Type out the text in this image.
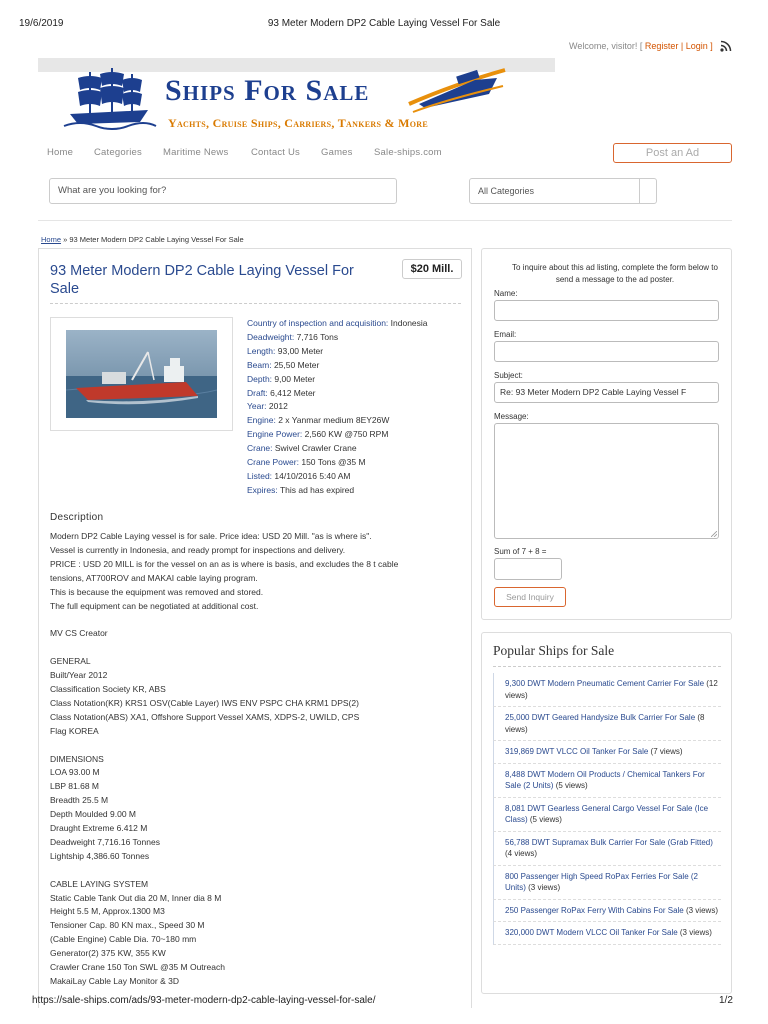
19/6/2019	93 Meter Modern DP2 Cable Laying Vessel For Sale
Welcome, visitor! [ Register | Login ]
Ships For Sale
Yachts, Cruise Ships, Carriers, Tankers & More
Home Categories Maritime News Contact Us Games Sale-ships.com	Post an Ad
What are you looking for?	All Categories
Home » 93 Meter Modern DP2 Cable Laying Vessel For Sale
93 Meter Modern DP2 Cable Laying Vessel For Sale
$20 Mill.
Country of inspection and acquisition: Indonesia
Deadweight: 7,716 Tons
Length: 93,00 Meter
Beam: 25,50 Meter
Depth: 9,00 Meter
Draft: 6,412 Meter
Year: 2012
Engine: 2 x Yanmar medium 8EY26W
Engine Power: 2,560 KW @750 RPM
Crane: Swivel Crawler Crane
Crane Power: 150 Tons @35 M
Listed: 14/10/2016 5:40 AM
Expires: This ad has expired
Description

Modern DP2 Cable Laying vessel is for sale. Price idea: USD 20 Mill. "as is where is".

Vessel is currently in Indonesia, and ready prompt for inspections and delivery.

PRICE : USD 20 MILL is for the vessel on an as is where is basis, and excludes the 8 t cable

tensions, AT700ROV and MAKAI cable laying program.

This is because the equipment was removed and stored.

The full equipment can be negotiated at additional cost.

MV CS Creator

GENERAL

Built/Year 2012

Classification Society KR, ABS

Class Notation(KR) KRS1 OSV(Cable Layer) IWS ENV PSPC CHA KRM1 DPS(2)

Class Notation(ABS) XA1, Offshore Support Vessel XAMS, XDPS-2, UWILD, CPS

Flag KOREA

DIMENSIONS

LOA 93.00 M

LBP 81.68 M

Breadth 25.5 M

Depth Moulded 9.00 M

Draught Extreme 6.412 M

Deadweight 7,716.16 Tonnes

Lightship 4,386.60 Tonnes

CABLE LAYING SYSTEM

Static Cable Tank Out dia 20 M, Inner dia 8 M

Height 5.5 M, Approx.1300 M3

Tensioner Cap. 80 KN max., Speed 30 M

(Cable Engine) Cable Dia. 70~180 mm

Generator(2) 375 KW, 355 KW

Crawler Crane 150 Ton SWL @35 M Outreach

MakaiLay Cable Lay Monitor & 3D

To inquire about this ad listing, complete the form below to send a message to the ad poster.
Name:
Email:
Subject:
Re: 93 Meter Modern DP2 Cable Laying Vessel F
Message:
Sum of 7 + 8 =
Send Inquiry
Popular Ships for Sale
9,300 DWT Modern Pneumatic Cement Carrier For Sale (12 views)
25,000 DWT Geared Handysize Bulk Carrier For Sale (8 views)
319,869 DWT VLCC Oil Tanker For Sale (7 views)
8,488 DWT Modern Oil Products / Chemical Tankers For Sale (2 Units) (5 views)
8,081 DWT Gearless General Cargo Vessel For Sale (Ice Class) (5 views)
56,788 DWT Supramax Bulk Carrier For Sale (Grab Fitted) (4 views)
800 Passenger High Speed RoPax Ferries For Sale (2 Units) (3 views)
250 Passenger RoPax Ferry With Cabins For Sale (3 views)
320,000 DWT Modern VLCC Oil Tanker For Sale (3 views)
https://sale-ships.com/ads/93-meter-modern-dp2-cable-laying-vessel-for-sale/	1/2
